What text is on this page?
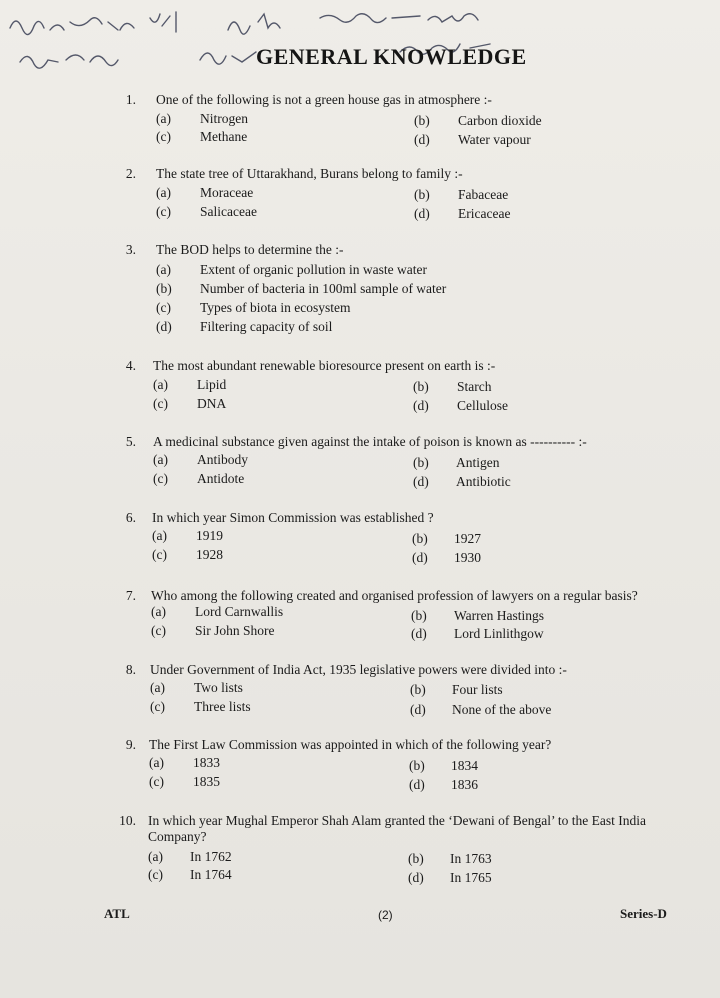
GENERAL KNOWLEDGE
1. One of the following is not a green house gas in atmosphere :-
(a) Nitrogen	(b) Carbon dioxide
(c) Methane	(d) Water vapour
2. The state tree of Uttarakhand, Burans belong to family :-
(a) Moraceae	(b) Fabaceae
(c) Salicaceae	(d) Ericaceae
3. The BOD helps to determine the :-
(a) Extent of organic pollution in waste water
(b) Number of bacteria in 100ml sample of water
(c) Types of biota in ecosystem
(d) Filtering capacity of soil
4. The most abundant renewable bioresource present on earth is :-
(a) Lipid	(b) Starch
(c) DNA	(d) Cellulose
5. A medicinal substance given against the intake of poison is known as ---------- :-
(a) Antibody	(b) Antigen
(c) Antidote	(d) Antibiotic
6. In which year Simon Commission was established ?
(a) 1919	(b) 1927
(c) 1928	(d) 1930
7. Who among the following created and organised profession of lawyers on a regular basis?
(a) Lord Carnwallis	(b) Warren Hastings
(c) Sir John Shore	(d) Lord Linlithgow
8. Under Government of India Act, 1935 legislative powers were divided into :-
(a) Two lists	(b) Four lists
(c) Three lists	(d) None of the above
9. The First Law Commission was appointed in which of the following year?
(a) 1833	(b) 1834
(c) 1835	(d) 1836
10. In which year Mughal Emperor Shah Alam granted the ‘Dewani of Bengal’ to the East India Company?
(a) In 1762	(b) In 1763
(c) In 1764	(d) In 1765
ATL	(2)	Series-D
